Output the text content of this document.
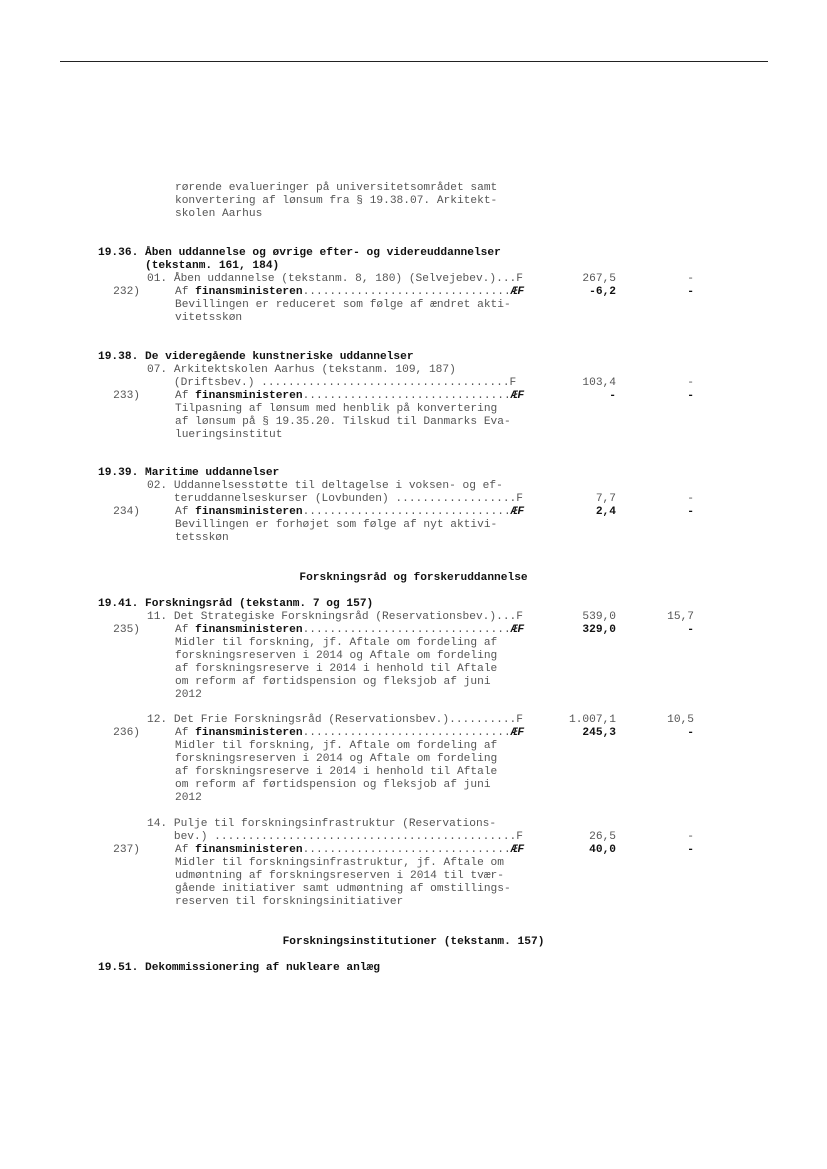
rørende evalueringer på universitetsområdet samt
konvertering af lønsum fra § 19.38.07. Arkitekt-
skolen Aarhus
19.36. Åben uddannelse og øvrige efter- og videreuddannelser
(tekstanm. 161, 184)
01. Åben uddannelse (tekstanm. 8, 180) (Selvejebev.)...F	267,5	-
232)	Af finansministeren...............................ÆF	-6,2	-
Bevillingen er reduceret som følge af ændret akti-
vitetsskøn
19.38. De videregående kunstneriske uddannelser
07. Arkitektskolen Aarhus (tekstanm. 109, 187)
(Driftsbev.) .....................................F	103,4	-
233)	Af finansministeren...............................ÆF	-	-
Tilpasning af lønsum med henblik på konvertering
af lønsum på § 19.35.20. Tilskud til Danmarks Eva-
lueringsinstitut
19.39. Maritime uddannelser
02. Uddannelsesstøtte til deltagelse i voksen- og ef-
teruddannelseskurser (Lovbunden) ..................F	7,7	-
234)	Af finansministeren...............................ÆF	2,4	-
Bevillingen er forhøjet som følge af nyt aktivi-
tetsskøn
Forskningsråd og forskeruddannelse
19.41. Forskningsråd (tekstanm. 7 og 157)
11. Det Strategiske Forskningsråd (Reservationsbev.)...F	539,0	15,7
235)	Af finansministeren...............................ÆF	329,0	-
Midler til forskning, jf. Aftale om fordeling af
forskningsreserven i 2014 og Aftale om fordeling
af forskningsreserve i 2014 i henhold til Aftale
om reform af førtidspension og fleksjob af juni
2012
12. Det Frie Forskningsråd (Reservationsbev.)..........F	1.007,1	10,5
236)	Af finansministeren...............................ÆF	245,3	-
Midler til forskning, jf. Aftale om fordeling af
forskningsreserven i 2014 og Aftale om fordeling
af forskningsreserve i 2014 i henhold til Aftale
om reform af førtidspension og fleksjob af juni
2012
14. Pulje til forskningsinfrastruktur (Reservations-
bev.) .............................................F	26,5	-
237)	Af finansministeren...............................ÆF	40,0	-
Midler til forskningsinfrastruktur, jf. Aftale om
udmøntning af forskningsreserven i 2014 til tvær-
gående initiativer samt udmøntning af omstillings-
reserven til forskningsinitiativer
Forskningsinstitutioner (tekstanm. 157)
19.51. Dekommissionering af nukleare anlæg
